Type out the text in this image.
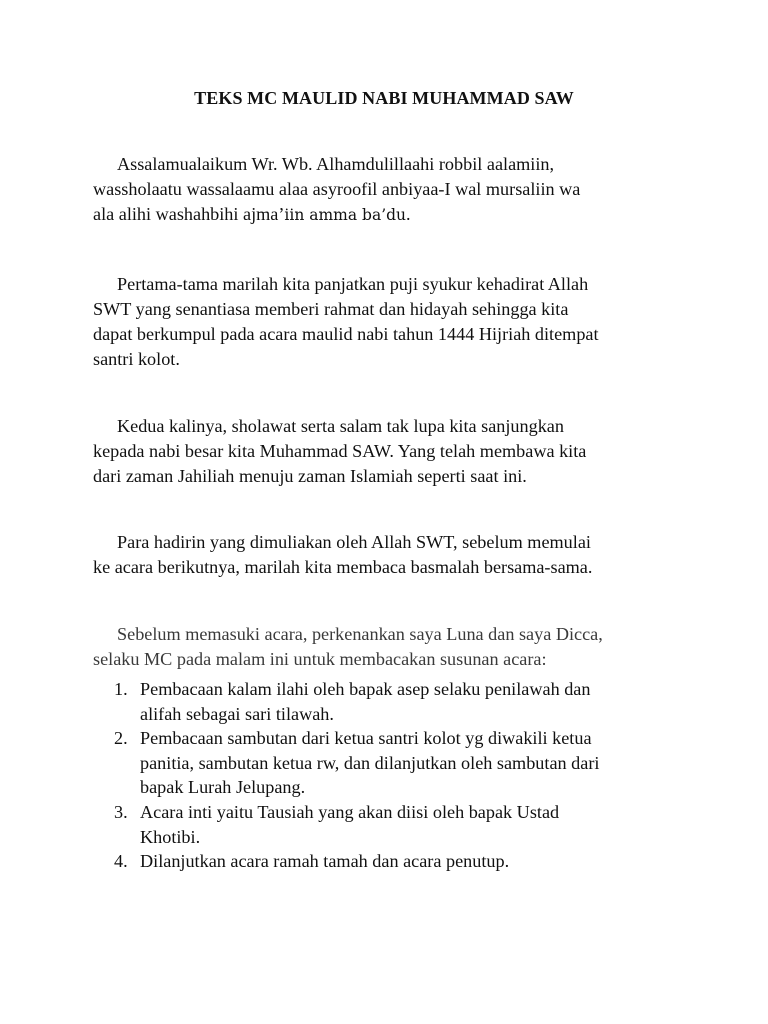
TEKS MC MAULID NABI MUHAMMAD SAW

Assalamualaikum Wr. Wb. Alhamdulillaahi robbil aalamiin,
wassholaatu wassalaamu alaa asyroofil anbiyaa-I wal mursaliin wa
ala alihi washahbihi ajma’iin amma ba’du.

Pertama-tama marilah kita panjatkan puji syukur kehadirat Allah
SWT yang senantiasa memberi rahmat dan hidayah sehingga kita
dapat berkumpul pada acara maulid nabi tahun 1444 Hijriah ditempat
santri kolot.

Kedua kalinya, sholawat serta salam tak lupa kita sanjungkan
kepada nabi besar kita Muhammad SAW. Yang telah membawa kita
dari zaman Jahiliah menuju zaman Islamiah seperti saat ini.

Para hadirin yang dimuliakan oleh Allah SWT, sebelum memulai
ke acara berikutnya, marilah kita membaca basmalah bersama-sama.

Sebelum memasuki acara, perkenankan saya Luna dan saya Dicca,
selaku MC pada malam ini untuk membacakan susunan acara:

1. Pembacaan kalam ilahi oleh bapak asep selaku penilawah dan
alifah sebagai sari tilawah.
2. Pembacaan sambutan dari ketua santri kolot yg diwakili ketua
panitia, sambutan ketua rw, dan dilanjutkan oleh sambutan dari
bapak Lurah Jelupang.
3. Acara inti yaitu Tausiah yang akan diisi oleh bapak Ustad
Khotibi.
4. Dilanjutkan acara ramah tamah dan acara penutup.
